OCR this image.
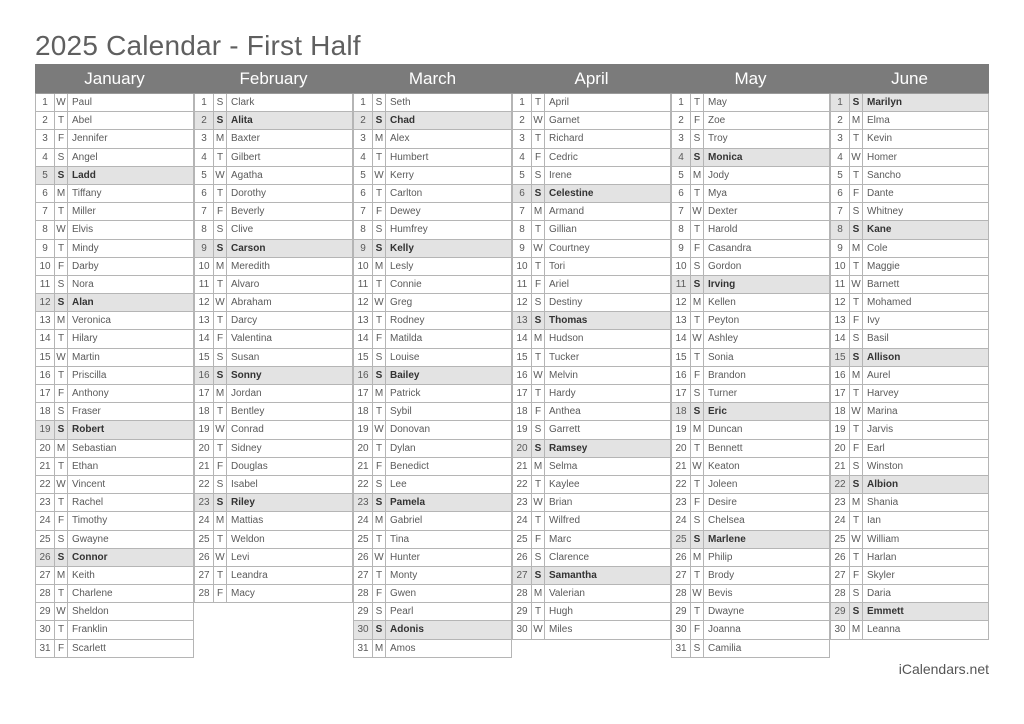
2025 Calendar - First Half
January
1 W Paul
2	T Abel
3	F Jennifer
4 S Angel
5 S Ladd
6 M Tiffany
7	T Miller
8 W Elvis
9	T Mindy
10 F Darby
11 S Nora
12 S Alan
13 M Veronica
14 T Hilary
15 W Martin
16 T Priscilla
17 F Anthony
18 S Fraser
19 S Robert
20 M Sebastian
21 T Ethan
22 W Vincent
23 T Rachel
24 F Timothy
25 S Gwayne
26 S Connor
27 M Keith
28 T Charlene
29 W Sheldon
30 T Franklin
31 F Scarlett
February
1 S Clark
2 S Alita
3 M Baxter
4	T Gilbert
5 W Agatha
6	T Dorothy
7	F Beverly
8 S Clive
9 S Carson
10 M Meredith
11 T Alvaro
12 W Abraham
13 T Darcy
14 F Valentina
15 S Susan
16 S Sonny
17 M Jordan
18 T Bentley
19 W Conrad
20 T Sidney
21 F Douglas
22 S Isabel
23 S Riley
24 M Mattias
25 T Weldon
26 W Levi
27 T Leandra
28 F Macy
March
1 S Seth
2 S Chad
3 M Alex
4	T Humbert
5 W Kerry
6	T Carlton
7	F Dewey
8 S Humfrey
9 S Kelly
10 M Lesly
11 T Connie
12 W Greg
13 T Rodney
14 F Matilda
15 S Louise
16 S Bailey
17 M Patrick
18 T Sybil
19 W Donovan
20 T Dylan
21 F Benedict
22 S Lee
23 S Pamela
24 M Gabriel
25 T Tina
26 W Hunter
27 T Monty
28 F Gwen
29 S Pearl
30 S Adonis
31 M Amos
April
1	T April
2 W Garnet
3	T Richard
4	F Cedric
5 S Irene
6 S Celestine
7 M Armand
8	T Gillian
9 W Courtney
10 T Tori
11 F Ariel
12 S Destiny
13 S Thomas
14 M Hudson
15 T Tucker
16 W Melvin
17 T Hardy
18 F Anthea
19 S Garrett
20 S Ramsey
21 M Selma
22 T Kaylee
23 W Brian
24 T Wilfred
25 F Marc
26 S Clarence
27 S Samantha
28 M Valerian
29 T Hugh
30 W Miles
May
1	T May
2	F Zoe
3 S Troy
4 S Monica
5 M Jody
6	T Mya
7 W Dexter
8	T Harold
9	F Casandra
10 S Gordon
11 S Irving
12 M Kellen
13 T Peyton
14 W Ashley
15 T Sonia
16 F Brandon
17 S Turner
18 S Eric
19 M Duncan
20 T Bennett
21 W Keaton
22 T Joleen
23 F Desire
24 S Chelsea
25 S Marlene
26 M Philip
27 T Brody
28 W Bevis
29 T Dwayne
30 F Joanna
31 S Camilia
June
1 S Marilyn
2 M Elma
3	T Kevin
4 W Homer
5	T Sancho
6	F Dante
7 S Whitney
8 S Kane
9 M Cole
10 T Maggie
11 W Barnett
12 T Mohamed
13 F Ivy
14 S Basil
15 S Allison
16 M Aurel
17 T Harvey
18 W Marina
19 T Jarvis
20 F Earl
21 S Winston
22 S Albion
23 M Shania
24 T Ian
25 W William
26 T Harlan
27 F Skyler
28 S Daria
29 S Emmett
30 M Leanna
iCalendars.net
